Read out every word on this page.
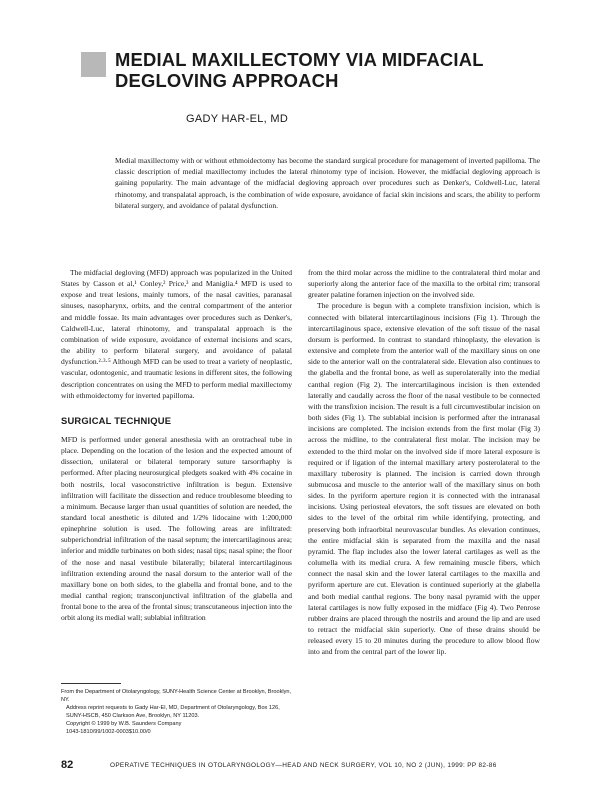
MEDIAL MAXILLECTOMY VIA MIDFACIAL
DEGLOVING APPROACH
GADY HAR-EL, MD

Medial maxillectomy with or without ethmoidectomy has become the standard surgical procedure for management of inverted papilloma. The classic description of medial maxillectomy includes the lateral rhinotomy type of incision. However, the midfacial degloving approach is gaining popularity. The main advantage of the midfacial degloving approach over procedures such as Denker's, Coldwell-Luc, lateral rhinotomy, and transpalatal approach, is the combination of wide exposure, avoidance of facial skin incisions and scars, the ability to perform bilateral surgery, and avoidance of palatal dysfunction.

The midfacial degloving (MFD) approach was popularized in the United States by Casson et al,¹ Conley,² Price,³ and Maniglia.⁴ MFD is used to expose and treat lesions, mainly tumors, of the nasal cavities, paranasal sinuses, nasopharynx, orbits, and the central compartment of the anterior and middle fossae. Its main advantages over procedures such as Denker's, Caldwell-Luc, lateral rhinotomy, and transpalatal approach is the combination of wide exposure, avoidance of external incisions and scars, the ability to perform bilateral surgery, and avoidance of palatal dysfunction.²·³·⁵ Although MFD can be used to treat a variety of neoplastic, vascular, odontogenic, and traumatic lesions in different sites, the following description concentrates on using the MFD to perform medial maxillectomy with ethmoidectomy for inverted papilloma.

SURGICAL TECHNIQUE

MFD is performed under general anesthesia with an orotracheal tube in place. Depending on the location of the lesion and the expected amount of dissection, unilateral or bilateral temporary suture tarsorrhaphy is performed. After placing neurosurgical pledgets soaked with 4% cocaine in both nostrils, local vasoconstrictive infiltration is begun. Extensive infiltration will facilitate the dissection and reduce troublesome bleeding to a minimum. Because larger than usual quantities of solution are needed, the standard local anesthetic is diluted and 1/2% lidocaine with 1:200,000 epinephrine solution is used. The following areas are infiltrated: subperichondrial infiltration of the nasal septum; the intercartilaginous area; inferior and middle turbinates on both sides; nasal tips; nasal spine; the floor of the nose and nasal vestibule bilaterally; bilateral intercartilaginous infiltration extending around the nasal dorsum to the anterior wall of the maxillary bone on both sides, to the glabella and frontal bone, and to the medial canthal region; transconjunctival infiltration of the glabella and frontal bone to the area of the frontal sinus; transcutaneous injection into the orbit along its medial wall; sublabial infiltration

from the third molar across the midline to the contralateral third molar and superiorly along the anterior face of the maxilla to the orbital rim; transoral greater palatine foramen injection on the involved side.

The procedure is begun with a complete transfixion incision, which is connected with bilateral intercartilaginous incisions (Fig 1). Through the intercartilaginous space, extensive elevation of the soft tissue of the nasal dorsum is performed. In contrast to standard rhinoplasty, the elevation is extensive and complete from the anterior wall of the maxillary sinus on one side to the anterior wall on the contralateral side. Elevation also continues to the glabella and the frontal bone, as well as superolaterally into the medial canthal region (Fig 2). The intercartilaginous incision is then extended laterally and caudally across the floor of the nasal vestibule to be connected with the transfixion incision. The result is a full circumvestibular incision on both sides (Fig 1). The sublabial incision is performed after the intranasal incisions are completed. The incision extends from the first molar (Fig 3) across the midline, to the contralateral first molar. The incision may be extended to the third molar on the involved side if more lateral exposure is required or if ligation of the internal maxillary artery posterolateral to the maxillary tuberosity is planned. The incision is carried down through submucosa and muscle to the anterior wall of the maxillary sinus on both sides. In the pyriform aperture region it is connected with the intranasal incisions. Using periosteal elevators, the soft tissues are elevated on both sides to the level of the orbital rim while identifying, protecting, and preserving both infraorbital neurovascular bundles. As elevation continues, the entire midfacial skin is separated from the maxilla and the nasal pyramid. The flap includes also the lower lateral cartilages as well as the columella with its medial crura. A few remaining muscle fibers, which connect the nasal skin and the lower lateral cartilages to the maxilla and pyriform aperture are cut. Elevation is continued superiorly at the glabella and both medial canthal regions. The bony nasal pyramid with the upper lateral cartilages is now fully exposed in the midface (Fig 4). Two Penrose rubber drains are placed through the nostrils and around the lip and are used to retract the midfacial skin superiorly. One of these drains should be released every 15 to 20 minutes during the procedure to allow blood flow into and from the central part of the lower lip.

From the Department of Otolaryngology, SUNY-Health Science Center at Brooklyn, Brooklyn, NY.

Address reprint requests to Gady Har-El, MD, Department of Otolaryngology, Box 126, SUNY-HSCB, 450 Clarkson Ave, Brooklyn, NY 11203.

Copyright © 1999 by W.B. Saunders Company

1043-1810/99/1002-0003$10.00/0

82	OPERATIVE TECHNIQUES IN OTOLARYNGOLOGY—HEAD AND NECK SURGERY, VOL 10, NO 2 (JUN), 1999: PP 82-86
